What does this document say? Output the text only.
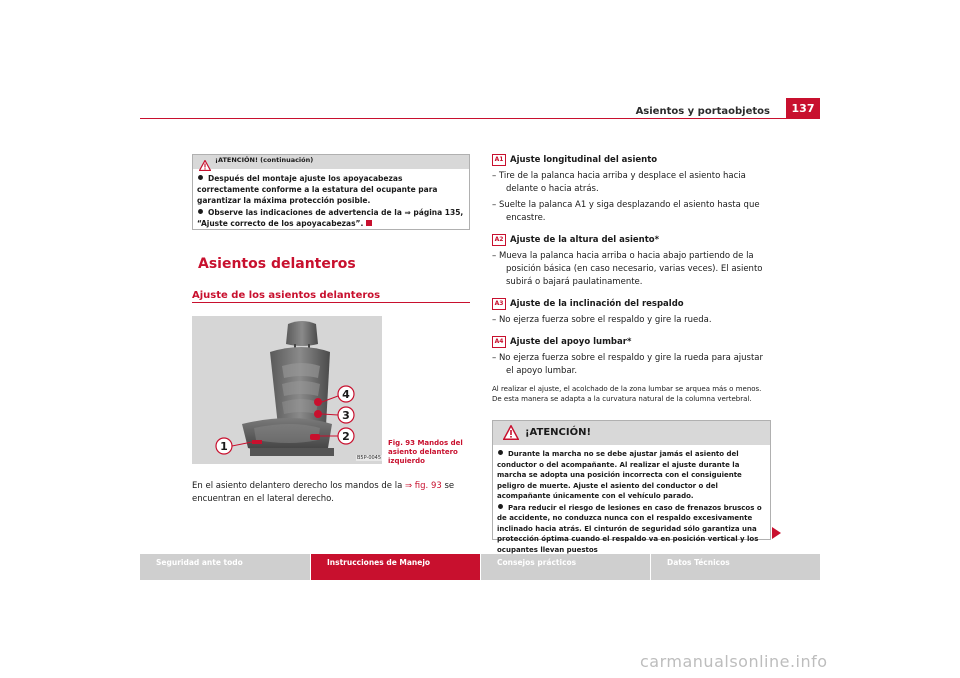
Asientos y portaobjetos	137
¡ATENCIÓN! (continuación)

Después del montaje ajuste los apoyacabezas correctamente conforme a la estatura del ocupante para garantizar la máxima protección posible.

Observe las indicaciones de advertencia de la ⇒ página 135, “Ajuste correcto de los apoyacabezas”.

Asientos delanteros
Ajuste de los asientos delanteros
1
2
3
4
B5P-0045
Fig. 93 Mandos del asiento delantero izquierdo
En el asiento delantero derecho los mandos de la ⇒ fig. 93 se encuentran en el lateral derecho.
A1 Ajuste longitudinal del asiento
– Tire de la palanca hacia arriba y desplace el asiento hacia delante o hacia atrás.
– Suelte la palanca A1 y siga desplazando el asiento hasta que encastre.
A2 Ajuste de la altura del asiento*
– Mueva la palanca hacia arriba o hacia abajo partiendo de la posición básica (en caso necesario, varias veces). El asiento subirá o bajará paulatinamente.
A3 Ajuste de la inclinación del respaldo
– No ejerza fuerza sobre el respaldo y gire la rueda.
A4 Ajuste del apoyo lumbar*
– No ejerza fuerza sobre el respaldo y gire la rueda para ajustar el apoyo lumbar.
Al realizar el ajuste, el acolchado de la zona lumbar se arquea más o menos. De esta manera se adapta a la curvatura natural de la columna vertebral.
¡ATENCIÓN!

Durante la marcha no se debe ajustar jamás el asiento del conductor o del acompañante. Al realizar el ajuste durante la marcha se adopta una posición incorrecta con el consiguiente peligro de muerte. Ajuste el asiento del conductor o del acompañante únicamente con el vehículo parado.

Para reducir el riesgo de lesiones en caso de frenazos bruscos o de accidente, no conduzca nunca con el respaldo excesivamente inclinado hacia atrás. El cinturón de seguridad sólo garantiza una protección óptima cuando el respaldo va en posición vertical y los ocupantes llevan puestos

Seguridad ante todo	Instrucciones de Manejo	Consejos prácticos	Datos Técnicos
carmanualsonline.info
